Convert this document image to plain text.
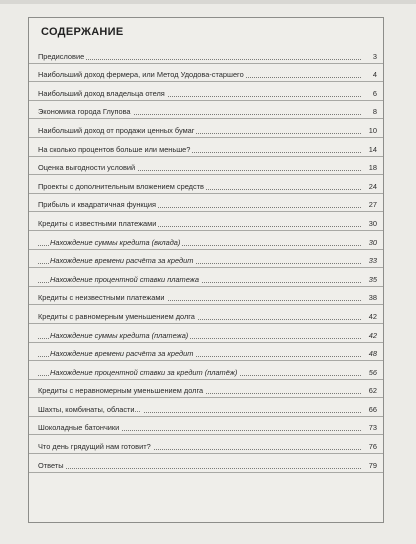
СОДЕРЖАНИЕ
Предисловие	3
Наибольший доход фермера, или Метод Удодова-старшего	4
Наибольший доход владельца отеля	6
Экономика города Глупова	8
Наибольший доход от продажи ценных бумаг	10
На сколько процентов больше или меньше?	14
Оценка выгодности условий	18
Проекты с дополнительным вложением средств	24
Прибыль и квадратичная функция	27
Кредиты с известными платежами	30
Нахождение суммы кредита (вклада)	30
Нахождение времени расчёта за кредит	33
Нахождение процентной ставки платежа	35
Кредиты с неизвестными платежами	38
Кредиты с равномерным уменьшением долга	42
Нахождение суммы кредита (платежа)	42
Нахождение времени расчёта за кредит	48
Нахождение процентной ставки за кредит (платёж)	56
Кредиты с неравномерным уменьшением долга	62
Шахты, комбинаты, области...	66
Шоколадные батончики	73
Что день грядущий нам готовит?	76
Ответы	79
